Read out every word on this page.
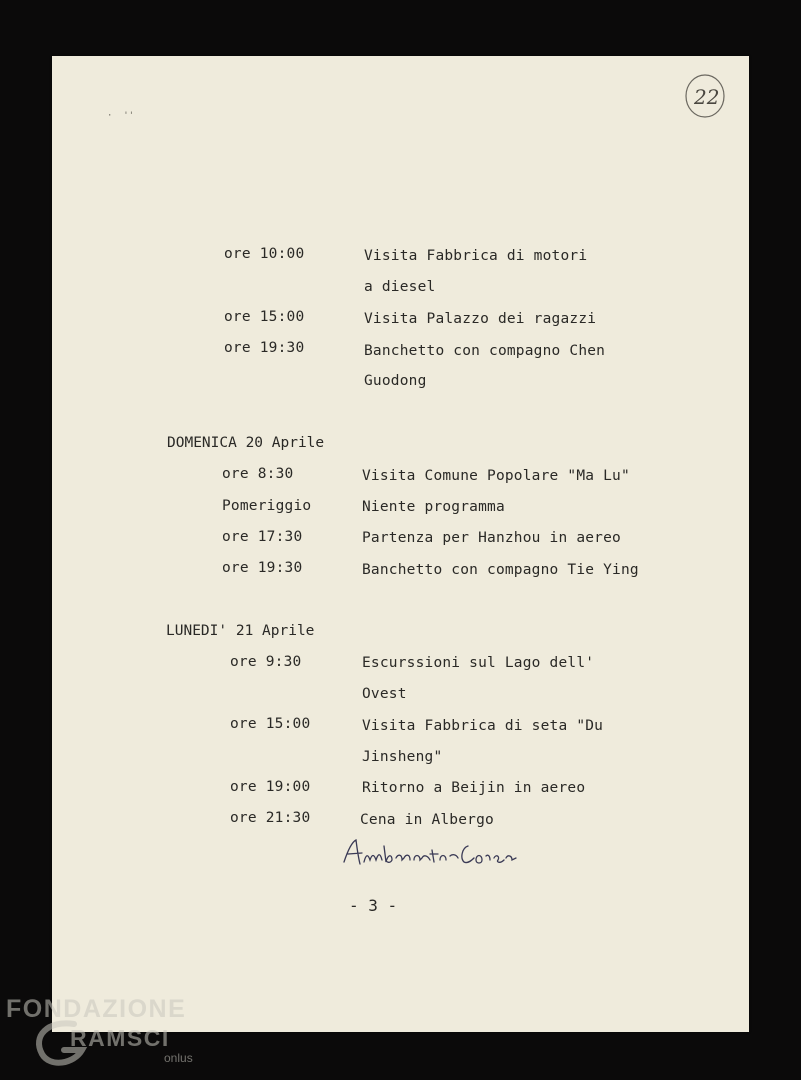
·  ''
22
ore 10:00	Visita Fabbrica di motori
a diesel
ore 15:00	Visita Palazzo dei ragazzi
ore 19:30	Banchetto con compagno Chen
Guodong
DOMENICA 20 Aprile
ore 8:30	Visita Comune Popolare "Ma Lu"
Pomeriggio	Niente programma
ore 17:30	Partenza per Hanzhou in aereo
ore 19:30	Banchetto con compagno Tie Ying
LUNEDI' 21 Aprile
ore 9:30	Escurssioni sul Lago dell'
Ovest
ore 15:00	Visita Fabbrica di seta "Du
Jinsheng"
ore 19:00	Ritorno a Beijin in aereo
ore 21:30	Cena in Albergo
- 3 -
FONDAZIONE
RAMSCI
onlus
